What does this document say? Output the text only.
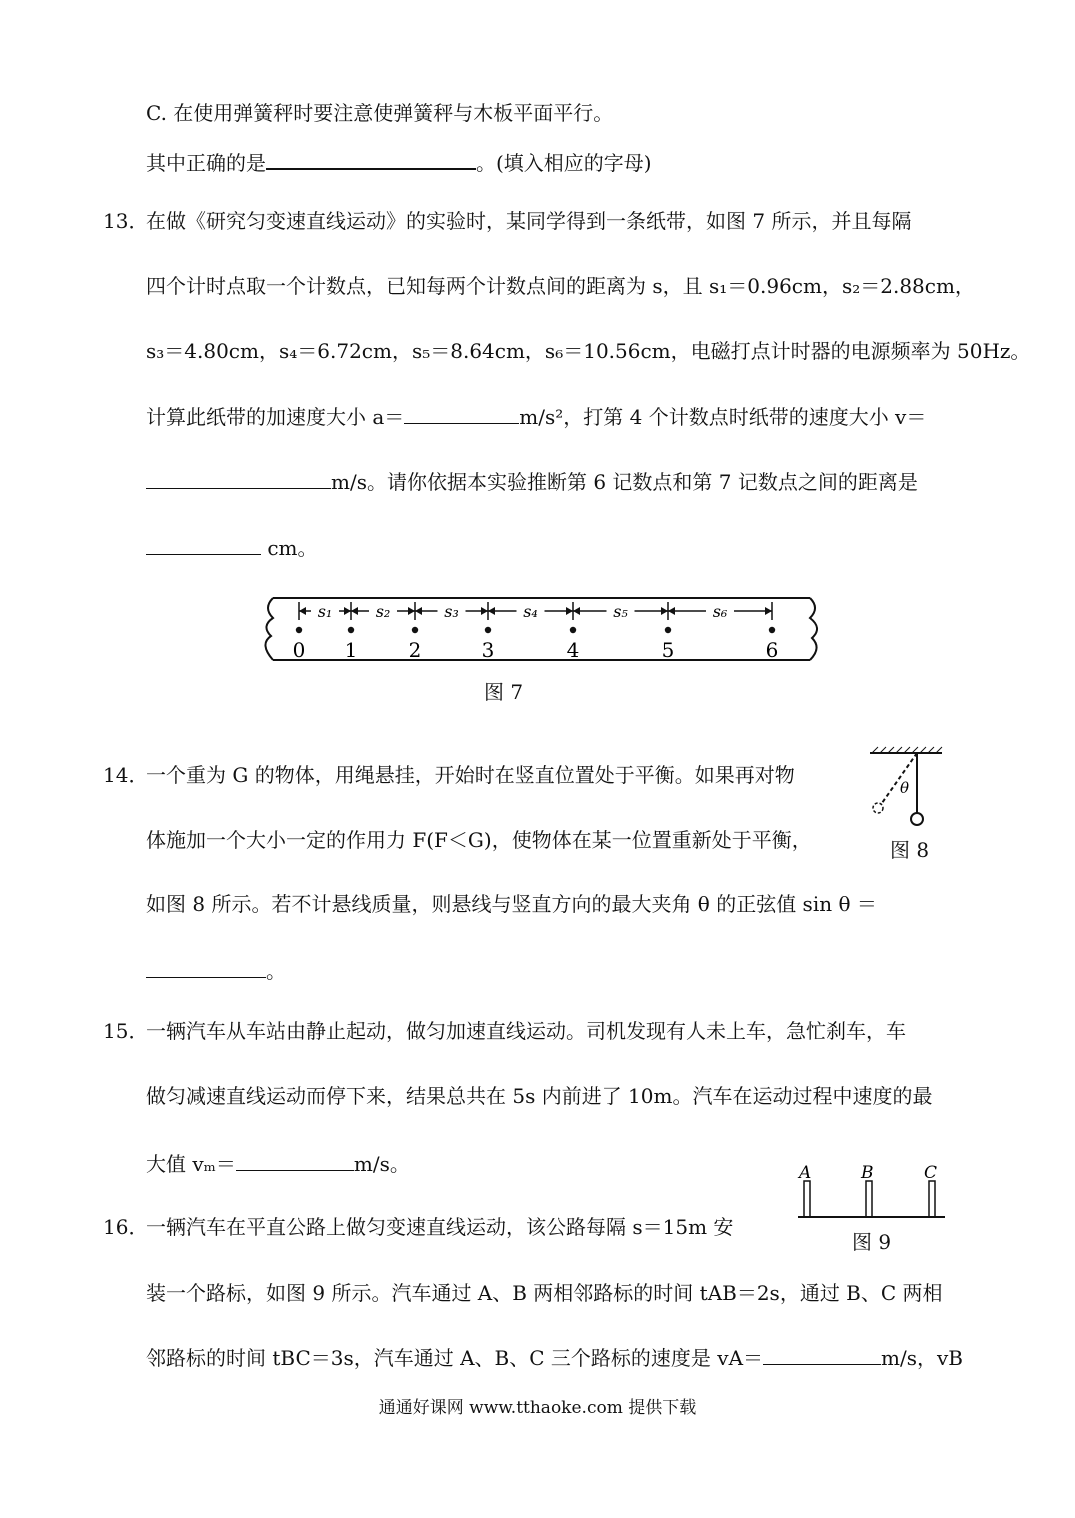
C. 在使用弹簧秤时要注意使弹簧秤与木板平面平行。
其中正确的是	。(填入相应的字母)
13．
在做《研究匀变速直线运动》的实验时，某同学得到一条纸带，如图 7 所示，并且每隔
四个计时点取一个计数点，已知每两个计数点间的距离为 s，且 s₁＝0.96cm，s₂＝2.88cm，
s₃＝4.80cm，s₄＝6.72cm，s₅＝8.64cm，s₆＝10.56cm，电磁打点计时器的电源频率为 50Hz。
计算此纸带的加速度大小 a＝	m/s²，打第 4 个计数点时纸带的速度大小 v＝
m/s。请你依据本实验推断第 6 记数点和第 7 记数点之间的距离是
cm。
0 1	2	3	4	5	6
s₁	s₂	s₃	s₄	s₅	s₆
图 7
14．
一个重为 G 的物体，用绳悬挂，开始时在竖直位置处于平衡。如果再对物
体施加一个大小一定的作用力 F(F＜G)，使物体在某一位置重新处于平衡，
如图 8 所示。若不计悬线质量，则悬线与竖直方向的最大夹角 θ 的正弦值 sin θ ＝
。
θ
图 8
15．
一辆汽车从车站由静止起动，做匀加速直线运动。司机发现有人未上车，急忙刹车，车
做匀减速直线运动而停下来，结果总共在 5s 内前进了 10m。汽车在运动过程中速度的最
大值 vₘ＝	m/s。	A	B	C
图 9
16．
一辆汽车在平直公路上做匀变速直线运动，该公路每隔 s＝15m 安
装一个路标，如图 9 所示。汽车通过 A、B 两相邻路标的时间 tAB＝2s，通过 B、C 两相
邻路标的时间 tBC＝3s，汽车通过 A、B、C 三个路标的速度是 vA＝	m/s，vB
通通好课网 www.tthaoke.com 提供下载
